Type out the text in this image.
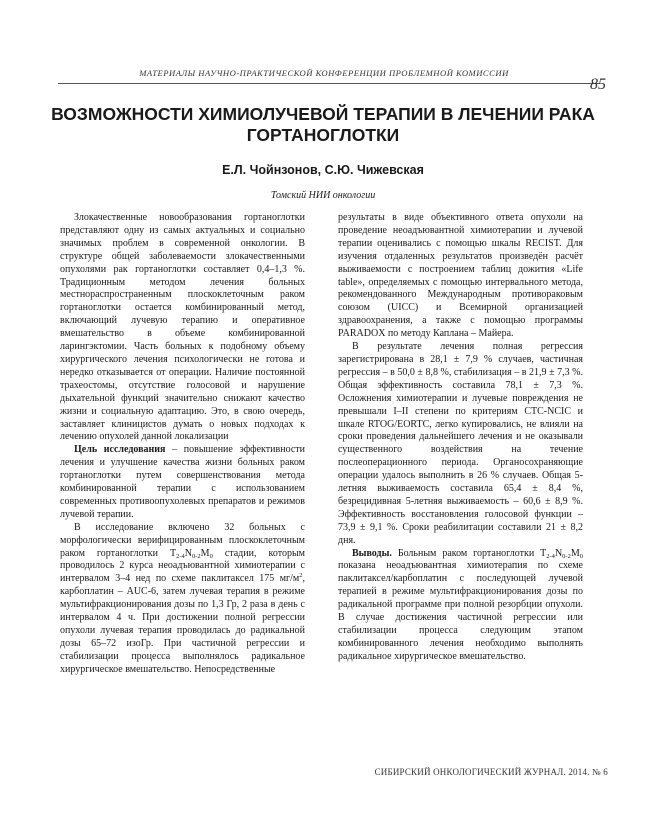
МАТЕРИАЛЫ НАУЧНО-ПРАКТИЧЕСКОЙ КОНФЕРЕНЦИИ ПРОБЛЕМНОЙ КОМИССИИ
85
ВОЗМОЖНОСТИ ХИМИОЛУЧЕВОЙ ТЕРАПИИ В ЛЕЧЕНИИ РАКА
ГОРТАНОГЛОТКИ

Е.Л. Чойнзонов, С.Ю. Чижевская

Томский НИИ онкологии

Злокачественные новообразования гортаноглотки представляют одну из самых актуальных и социально значимых проблем в современной онкологии. В структуре общей заболеваемости злокачественными опухолями рак гортаноглотки составляет 0,4–1,3 %. Традиционным методом лечения больных местнораспространенным плоскоклеточным раком гортаноглотки остается комбинированный метод, включающий лучевую терапию и оперативное вмешательство в объеме комбинированной ларингэктомии. Часть больных к подобному объему хирургического лечения психологически не готова и нередко отказывается от операции. Наличие постоянной трахеостомы, отсутствие голосовой и нарушение дыхательной функций значительно снижают качество жизни и социальную адаптацию. Это, в свою очередь, заставляет клиницистов думать о новых подходах к лечению опухолей данной локализации

Цель исследования – повышение эффективности лечения и улучшение качества жизни больных раком гортаноглотки путем совершенствования метода комбинированной терапии с использованием современных противоопухолевых препаратов и режимов лучевой терапии.

В исследование включено 32 больных с морфологически верифицированным плоскоклеточным раком гортаноглотки $T_{2-4}N_{0-2}M_0$ стадии, которым проводилось 2 курса неоадъювантной химиотерапии с интервалом 3–4 нед по схеме паклитаксел 175 $мг/м^2$, карбоплатин – AUC-6, затем лучевая терапия в режиме мультифракционирования дозы по 1,3 Гр, 2 раза в день с интервалом 4 ч. При достижении полной регрессии опухоли лучевая терапия проводилась до радикальной дозы 65–72 изоГр. При частичной регрессии и стабилизации процесса выполнялось радикальное хирургическое вмешательство. Непосредственные

результаты в виде объективного ответа опухоли на проведение неоадъювантной химиотерапии и лучевой терапии оценивались с помощью шкалы RECIST. Для изучения отдаленных результатов произведён расчёт выживаемости с построением таблиц дожития «Life table», определяемых с помощью интервального метода, рекомендованного Международным противораковым союзом (UICC) и Всемирной организацией здравоохранения, а также с помощью программы PARADOX по методу Каплана – Майера.

В результате лечения полная регрессия зарегистрирована в 28,1 ± 7,9 % случаев, частичная регрессия – в 50,0 ± 8,8 %, стабилизация – в 21,9 ± 7,3 %. Общая эффективность составила 78,1 ± 7,3 %. Осложнения химиотерапии и лучевые повреждения не превышали I–II степени по критериям CTC-NCIC и шкале RTOG/EORTC, легко купировались, не влияли на сроки проведения дальнейшего лечения и не оказывали существенного воздействия на течение послеоперационного периода. Органосохраняющие операции удалось выполнить в 26 % случаев. Общая 5-летняя выживаемость составила 65,4 ± 8,4 %, безрецидивная 5-летняя выживаемость – 60,6 ± 8,9 %. Эффективность восстановления голосовой функции – 73,9 ± 9,1 %. Сроки реабилитации составили 21 ± 8,2 дня.

Выводы. Больным раком гортаноглотки $T_{2-4}N_{0-2}M_0$ показана неоадъювантная химиотерапия по схеме паклитаксел/карбоплатин с последующей лучевой терапией в режиме мультифракционирования дозы по радикальной программе при полной резорбции опухоли. В случае достижения частичной регрессии или стабилизации процесса следующим этапом комбинированного лечения необходимо выполнять радикальное хирургическое вмешательство.

СИБИРСКИЙ ОНКОЛОГИЧЕСКИЙ ЖУРНАЛ. 2014. № 6
